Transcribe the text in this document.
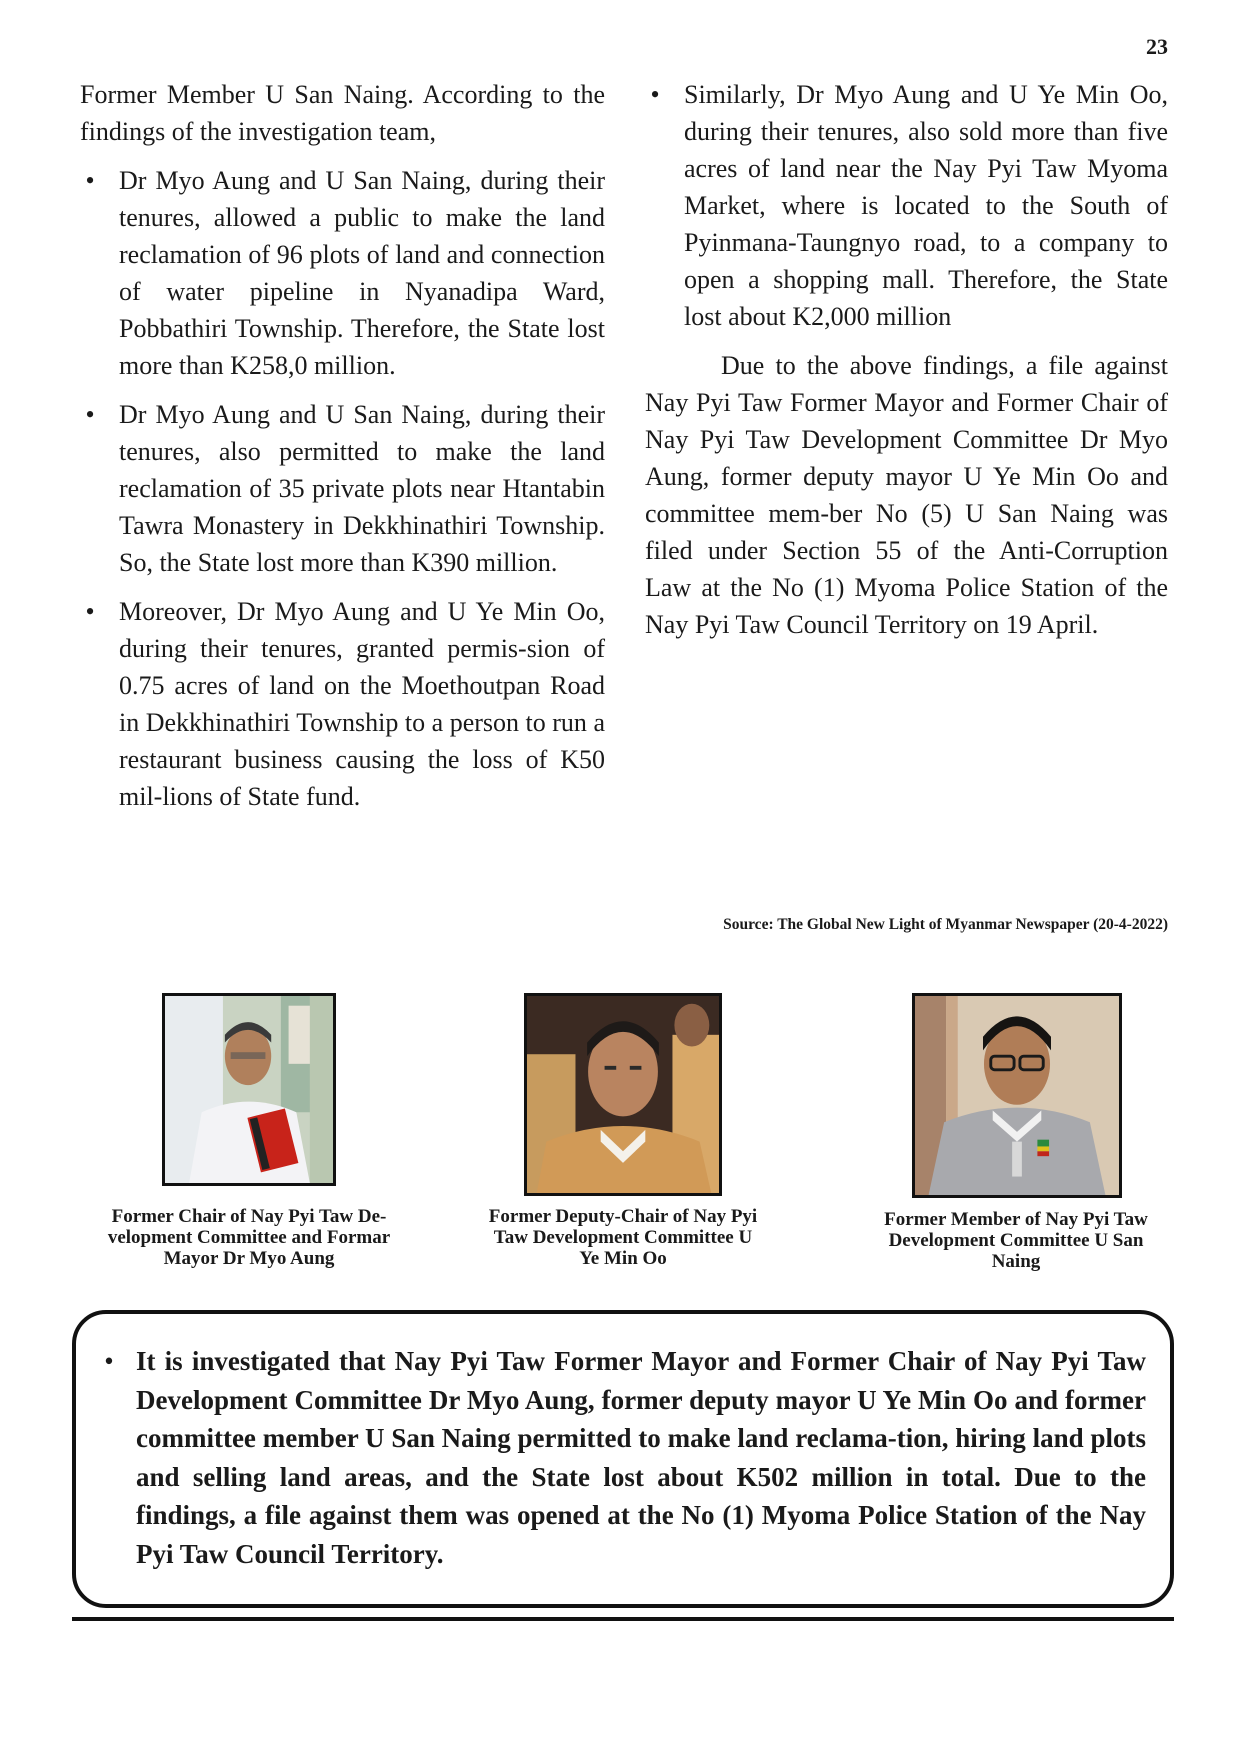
23

Former Member U San Naing. According to the findings of the investigation team,

• Dr Myo Aung and U San Naing, during their tenures, allowed a public to make the land reclamation of 96 plots of land and connection of water pipeline in Nyanadipa Ward, Pobbathiri Township. Therefore, the State lost more than K258,0 million.
• Dr Myo Aung and U San Naing, during their tenures, also permitted to make the land reclamation of 35 private plots near Htantabin Tawra Monastery in Dekkhinathiri Township. So, the State lost more than K390 million.
• Moreover, Dr Myo Aung and U Ye Min Oo, during their tenures, granted permis-sion of 0.75 acres of land on the Moethoutpan Road in Dekkhinathiri Township to a person to run a restaurant business causing the loss of K50 mil-lions of State fund.
• Similarly, Dr Myo Aung and U Ye Min Oo, during their tenures, also sold more than five acres of land near the Nay Pyi Taw Myoma Market, where is located to the South of Pyinmana-Taungnyo road, to a company to open a shopping mall. Therefore, the State lost about K2,000 million

Due to the above findings, a file against Nay Pyi Taw Former Mayor and Former Chair of Nay Pyi Taw Development Committee Dr Myo Aung, former deputy mayor U Ye Min Oo and committee mem-ber No (5) U San Naing was filed under Section 55 of the Anti-Corruption Law at the No (1) Myoma Police Station of the Nay Pyi Taw Council Territory on 19 April.

Source: The Global New Light of Myanmar Newspaper (20-4-2022)
Former Chair of Nay Pyi Taw De-
velopment Committee and Formar
Mayor Dr Myo Aung
Former Deputy-Chair of Nay Pyi
Taw Development Committee U
Ye Min Oo
Former Member of Nay Pyi Taw
Development Committee U San
Naing
• It is investigated that Nay Pyi Taw Former Mayor and Former Chair of Nay Pyi Taw Development Committee Dr Myo Aung, former deputy mayor U Ye Min Oo and former committee member U San Naing permitted to make land reclama-tion, hiring land plots and selling land areas, and the State lost about K502 million in total. Due to the findings, a file against them was opened at the No (1) Myoma Police Station of the Nay Pyi Taw Council Territory.
